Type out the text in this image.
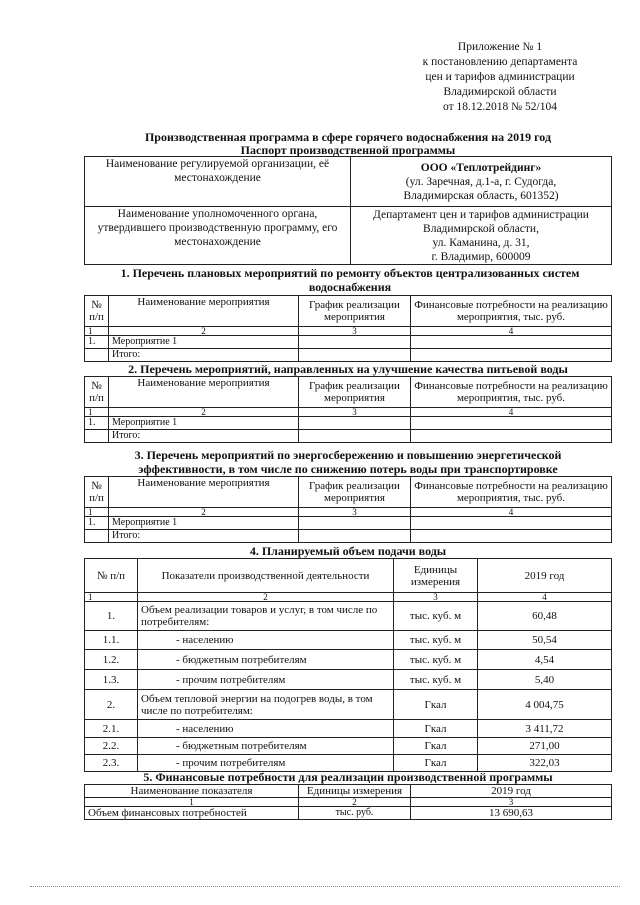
Приложение № 1
к постановлению департамента
цен и тарифов администрации
Владимирской области
от 18.12.2018 № 52/104
Производственная программа в сфере горячего водоснабжения на 2019 год
Паспорт производственной программы
Наименование регулируемой организации, её местонахождение	ООО «Теплотрейдинг»
(ул. Заречная, д.1-а, г. Судогда,
Владимирская область, 601352)

Наименование уполномоченного органа, утвердившего производственную программу, его местонахождение	Департамент цен и тарифов администрации
Владимирской области,
ул. Каманина, д. 31,
г. Владимир, 600009
1. Перечень плановых мероприятий по ремонту объектов централизованных систем водоснабжения
№ п/п	Наименование мероприятия	График реализации мероприятия	Финансовые потребности на реализацию мероприятия, тыс. руб.
1	2	3	4
1.	Мероприятие 1		
	Итого:		
2. Перечень мероприятий, направленных на улучшение качества питьевой воды
№ п/п	Наименование мероприятия	График реализации мероприятия	Финансовые потребности на реализацию мероприятия, тыс. руб.
1	2	3	4
1.	Мероприятие 1		
	Итого:		
3. Перечень мероприятий по энергосбережению и повышению энергетической
эффективности, в том числе по снижению потерь воды при транспортировке
№ п/п	Наименование мероприятия	График реализации мероприятия	Финансовые потребности на реализацию мероприятия, тыс. руб.
1	2	3	4
1.	Мероприятие 1		
	Итого:		
4. Планируемый объем подачи воды
№ п/п	Показатели производственной деятельности	Единицы измерения	2019 год
1	2	3	4
1.	Объем реализации товаров и услуг, в том числе по потребителям:	тыс. куб. м	60,48
1.1.	- населению	тыс. куб. м	50,54
1.2.	- бюджетным потребителям	тыс. куб. м	4,54
1.3.	- прочим потребителям	тыс. куб. м	5,40
2.	Объем тепловой энергии на подогрев воды, в том числе по потребителям:	Гкал	4 004,75
2.1.	- населению	Гкал	3 411,72
2.2.	- бюджетным потребителям	Гкал	271,00
2.3.	- прочим потребителям	Гкал	322,03
5. Финансовые потребности для реализации производственной программы
Наименование показателя	Единицы измерения	2019 год
1	2	3
Объем финансовых потребностей	тыс. руб.	13 690,63
